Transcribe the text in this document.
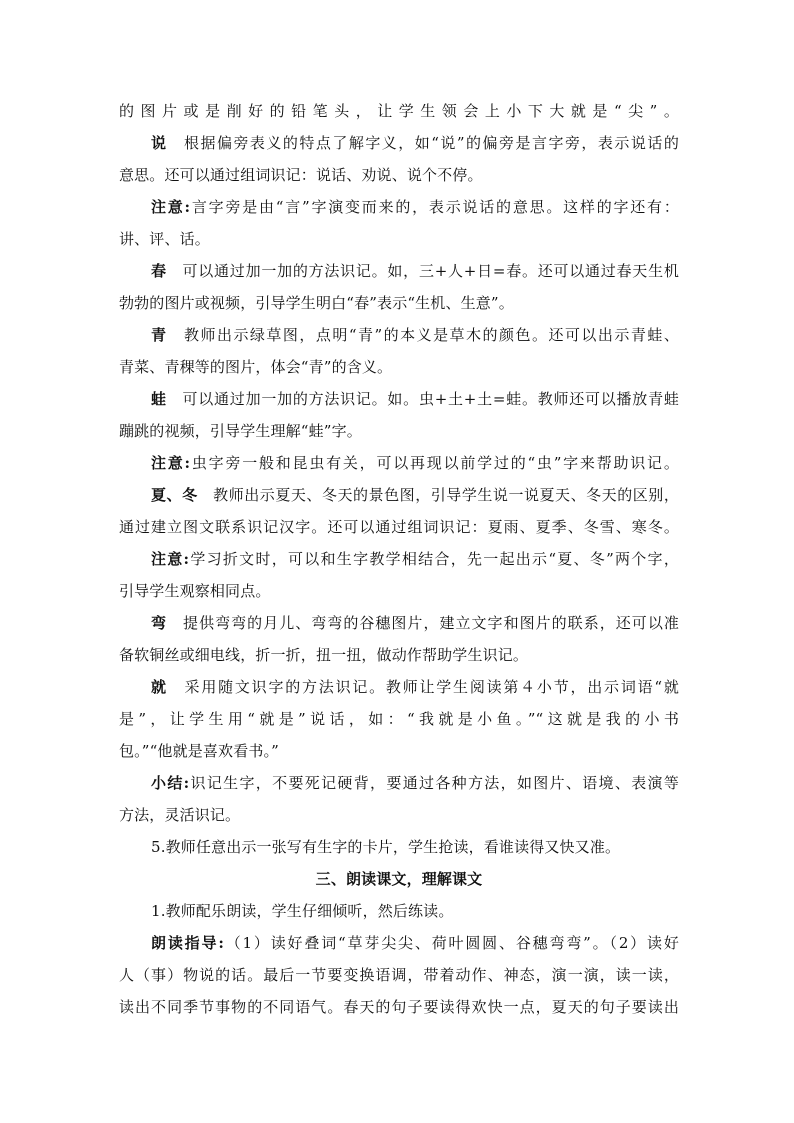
的图片或是削好的铅笔头，让学生领会上小下大就是“尖”。
说　根据偏旁表义的特点了解字义，如“说”的偏旁是言字旁，表示说话的
意思。还可以通过组词识记：说话、劝说、说个不停。
注意:言字旁是由“言”字演变而来的，表示说话的意思。这样的字还有：
讲、评、话。
春　可以通过加一加的方法识记。如，三+人+日=春。还可以通过春天生机
勃勃的图片或视频，引导学生明白“春”表示“生机、生意”。
青　教师出示绿草图，点明“青”的本义是草木的颜色。还可以出示青蛙、
青菜、青稞等的图片，体会“青”的含义。
蛙　可以通过加一加的方法识记。如。虫+土+土=蛙。教师还可以播放青蛙
蹦跳的视频，引导学生理解“蛙”字。
注意:虫字旁一般和昆虫有关，可以再现以前学过的“虫”字来帮助识记。
夏、冬　教师出示夏天、冬天的景色图，引导学生说一说夏天、冬天的区别，
通过建立图文联系识记汉字。还可以通过组词识记：夏雨、夏季、冬雪、寒冬。
注意:学习折文时，可以和生字教学相结合，先一起出示“夏、冬”两个字，
引导学生观察相同点。
弯　提供弯弯的月儿、弯弯的谷穗图片，建立文字和图片的联系，还可以准
备软铜丝或细电线，折一折，扭一扭，做动作帮助学生识记。
就　采用随文识字的方法识记。教师让学生阅读第４小节，出示词语“就
是”，让学生用“就是”说话，如：“我就是小鱼。”“这就是我的小书
包。”“他就是喜欢看书。”
小结:识记生字，不要死记硬背，要通过各种方法，如图片、语境、表演等
方法，灵活识记。
5.教师任意出示一张写有生字的卡片，学生抢读，看谁读得又快又准。
三、朗读课文，理解课文
1.教师配乐朗读，学生仔细倾听，然后练读。
朗读指导:（1）读好叠词“草芽尖尖、荷叶圆圆、谷穗弯弯”。（2）读好
人（事）物说的话。最后一节要变换语调，带着动作、神态，演一演，读一读，
读出不同季节事物的不同语气。春天的句子要读得欢快一点，夏天的句子要读出
